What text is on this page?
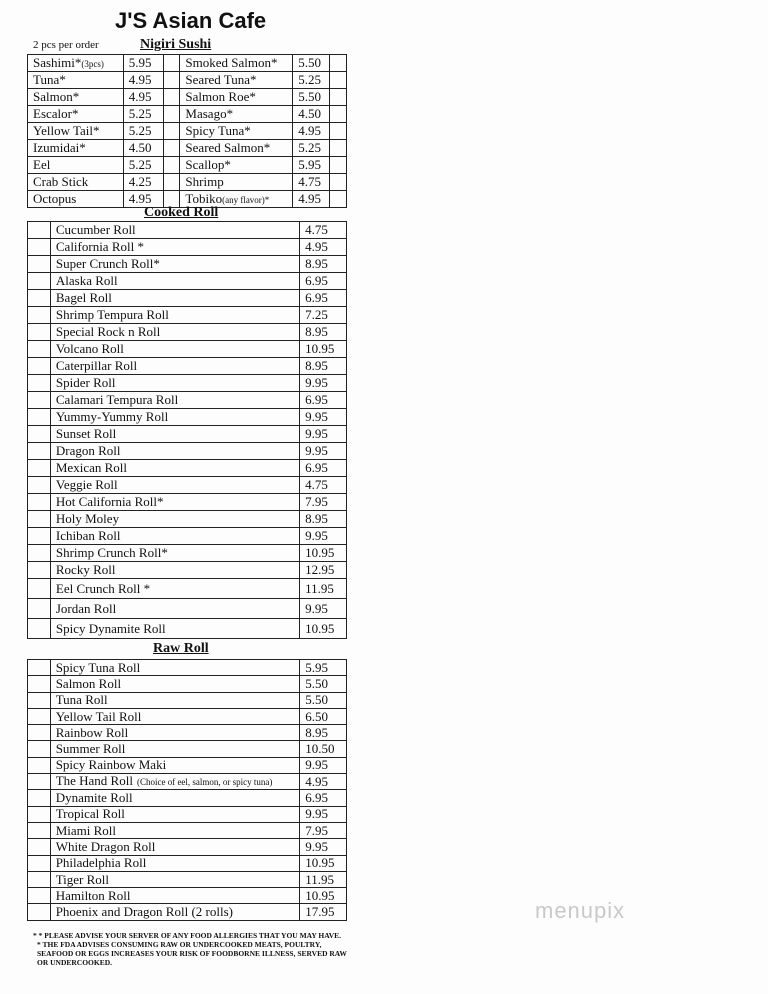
J'S Asian Cafe
2 pcs per order	Nigiri Sushi
Sashimi*(3pcs)	5.95		Smoked Salmon*	5.50	
Tuna*	4.95		Seared Tuna*	5.25	
Salmon*	4.95		Salmon Roe*	5.50	
Escalor*	5.25		Masago*	4.50	
Yellow Tail*	5.25		Spicy Tuna*	4.95	
Izumidai*	4.50		Seared Salmon*	5.25	
Eel	5.25		Scallop*	5.95	
Crab Stick	4.25		Shrimp	4.75	
Octopus	4.95		Tobiko(any flavor)*	4.95	
Cooked Roll
	Cucumber Roll	4.75
	California Roll *	4.95
	Super Crunch Roll*	8.95
	Alaska Roll	6.95
	Bagel Roll	6.95
	Shrimp Tempura Roll	7.25
	Special Rock n Roll	8.95
	Volcano Roll	10.95
	Caterpillar Roll	8.95
	Spider Roll	9.95
	Calamari Tempura Roll	6.95
	Yummy-Yummy Roll	9.95
	Sunset Roll	9.95
	Dragon Roll	9.95
	Mexican Roll	6.95
	Veggie Roll	4.75
	Hot California Roll*	7.95
	Holy Moley	8.95
	Ichiban Roll	9.95
	Shrimp Crunch Roll*	10.95
	Rocky Roll	12.95
	Eel Crunch Roll *	11.95
	Jordan Roll	9.95
	Spicy Dynamite Roll	10.95
Raw Roll
	Spicy Tuna Roll	5.95
	Salmon Roll	5.50
	Tuna Roll	5.50
	Yellow Tail Roll	6.50
	Rainbow Roll	8.95
	Summer Roll	10.50
	Spicy Rainbow Maki	9.95
	The Hand Roll (Choice of eel, salmon, or spicy tuna)	4.95
	Dynamite Roll	6.95
	Tropical Roll	9.95
	Miami Roll	7.95
	White Dragon Roll	9.95
	Philadelphia Roll	10.95
	Tiger Roll	11.95
	Hamilton Roll	10.95
	Phoenix and Dragon Roll (2 rolls)	17.95
* * PLEASE ADVISE YOUR SERVER OF ANY FOOD ALLERGIES THAT YOU MAY HAVE.
* THE FDA ADVISES CONSUMING RAW OR UNDERCOOKED MEATS, POULTRY, SEAFOOD OR EGGS INCREASES YOUR RISK OF FOODBORNE ILLNESS, SERVED RAW OR UNDERCOOKED.
menupix
